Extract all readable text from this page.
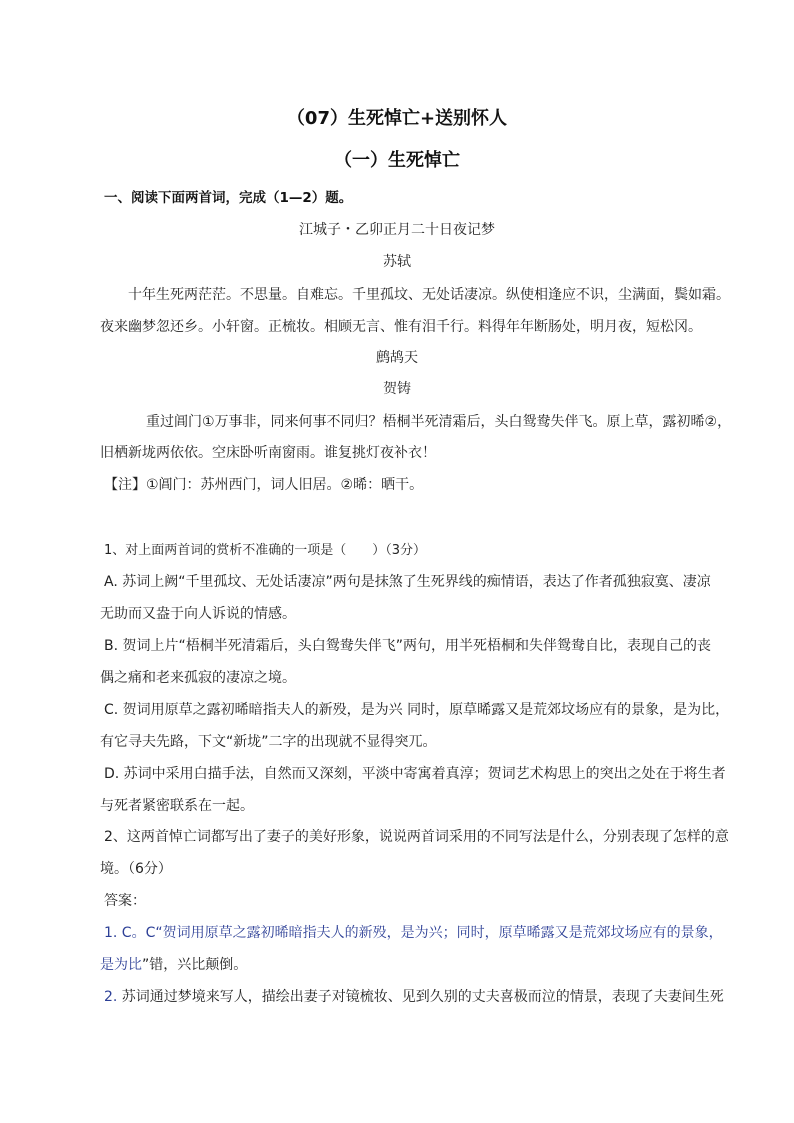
（07）生死悼亡+送别怀人
（一）生死悼亡

一、阅读下面两首词，完成（1—2）题。

江城子・乙卯正月二十日夜记梦

苏轼

十年生死两茫茫。不思量。自难忘。千里孤坟、无处话凄凉。纵使相逢应不识，尘满面，鬓如霜。

夜来幽梦忽还乡。小轩窗。正梳妆。相顾无言、惟有泪千行。料得年年断肠处，明月夜，短松冈。

鹧鸪天

贺铸

重过阊门①万事非，同来何事不同归？梧桐半死清霜后，头白鸳鸯失伴飞。原上草，露初晞②，

旧栖新垅两依依。空床卧听南窗雨。谁复挑灯夜补衣！

【注】①阊门：苏州西门，词人旧居。②晞：晒干。

1、对上面两首词的赏析不准确的一项是（　　）（3分）

A. 苏词上阙“千里孤坟、无处话凄凉”两句是抹煞了生死界线的痴情语，表达了作者孤独寂寞、凄凉

无助而又盎于向人诉说的情感。

B. 贺词上片“梧桐半死清霜后，头白鸳鸯失伴飞”两句，用半死梧桐和失伴鸳鸯自比，表现自己的丧

偶之痛和老来孤寂的凄凉之境。

C. 贺词用原草之露初晞暗指夫人的新殁，是为兴 同时，原草晞露又是荒郊坟场应有的景象，是为比，

有它寻夫先路，下文“新垅”二字的出现就不显得突兀。

D. 苏词中采用白描手法，自然而又深刻，平淡中寄寓着真淳；贺词艺术构思上的突出之处在于将生者

与死者紧密联系在一起。

2、这两首悼亡词都写出了妻子的美好形象，说说两首词采用的不同写法是什么，分别表现了怎样的意

境。（6分）

答案：

1. C。C“贺词用原草之露初晞暗指夫人的新殁，是为兴；同时，原草晞露又是荒郊坟场应有的景象，

是为比”错，兴比颠倒。

2. 苏词通过梦境来写人，描绘出妻子对镜梳妆、见到久别的丈夫喜极而泣的情景，表现了夫妻间生死
